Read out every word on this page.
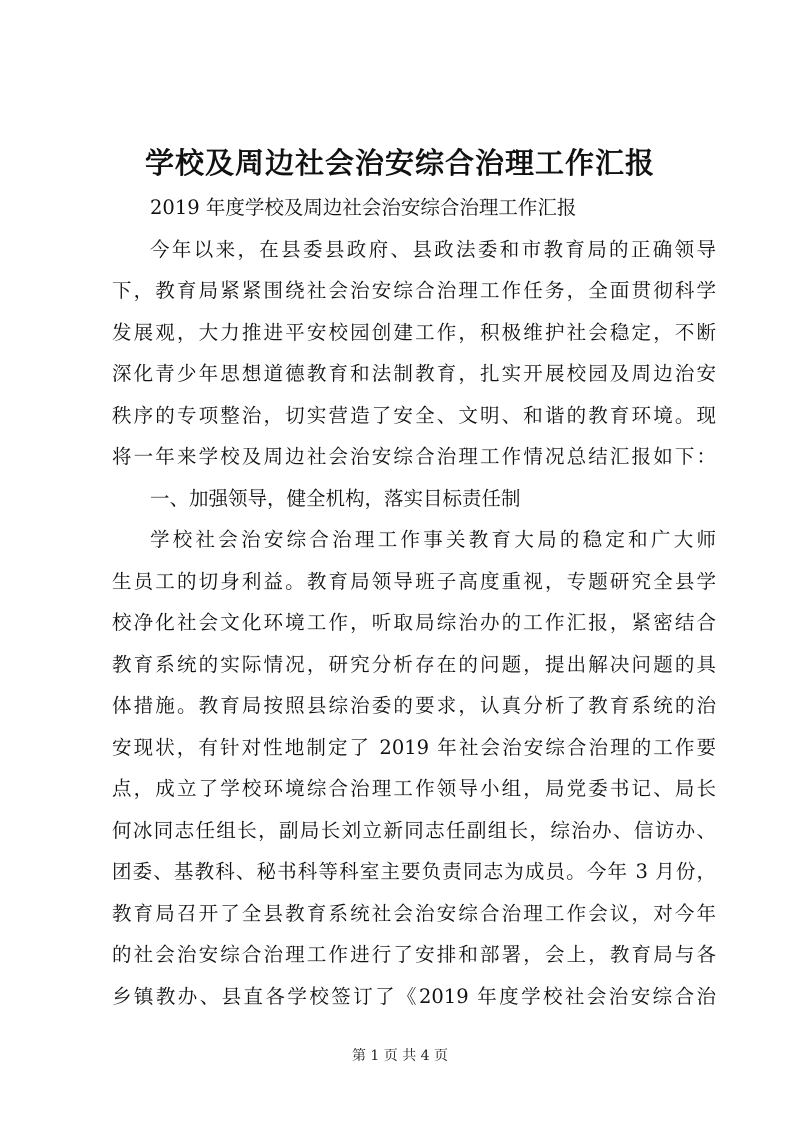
学校及周边社会治安综合治理工作汇报
2019 年度学校及周边社会治安综合治理工作汇报
今年以来，在县委县政府、县政法委和市教育局的正确领导
下，教育局紧紧围绕社会治安综合治理工作任务，全面贯彻科学
发展观，大力推进平安校园创建工作，积极维护社会稳定，不断
深化青少年思想道德教育和法制教育，扎实开展校园及周边治安
秩序的专项整治，切实营造了安全、文明、和谐的教育环境。现
将一年来学校及周边社会治安综合治理工作情况总结汇报如下：
一、加强领导，健全机构，落实目标责任制
学校社会治安综合治理工作事关教育大局的稳定和广大师
生员工的切身利益。教育局领导班子高度重视，专题研究全县学
校净化社会文化环境工作，听取局综治办的工作汇报，紧密结合
教育系统的实际情况，研究分析存在的问题，提出解决问题的具
体措施。教育局按照县综治委的要求，认真分析了教育系统的治
安现状，有针对性地制定了 2019 年社会治安综合治理的工作要
点，成立了学校环境综合治理工作领导小组，局党委书记、局长
何冰同志任组长，副局长刘立新同志任副组长，综治办、信访办、
团委、基教科、秘书科等科室主要负责同志为成员。今年 3 月份，
教育局召开了全县教育系统社会治安综合治理工作会议，对今年
的社会治安综合治理工作进行了安排和部署，会上，教育局与各
乡镇教办、县直各学校签订了《2019 年度学校社会治安综合治
第 1 页 共 4 页
